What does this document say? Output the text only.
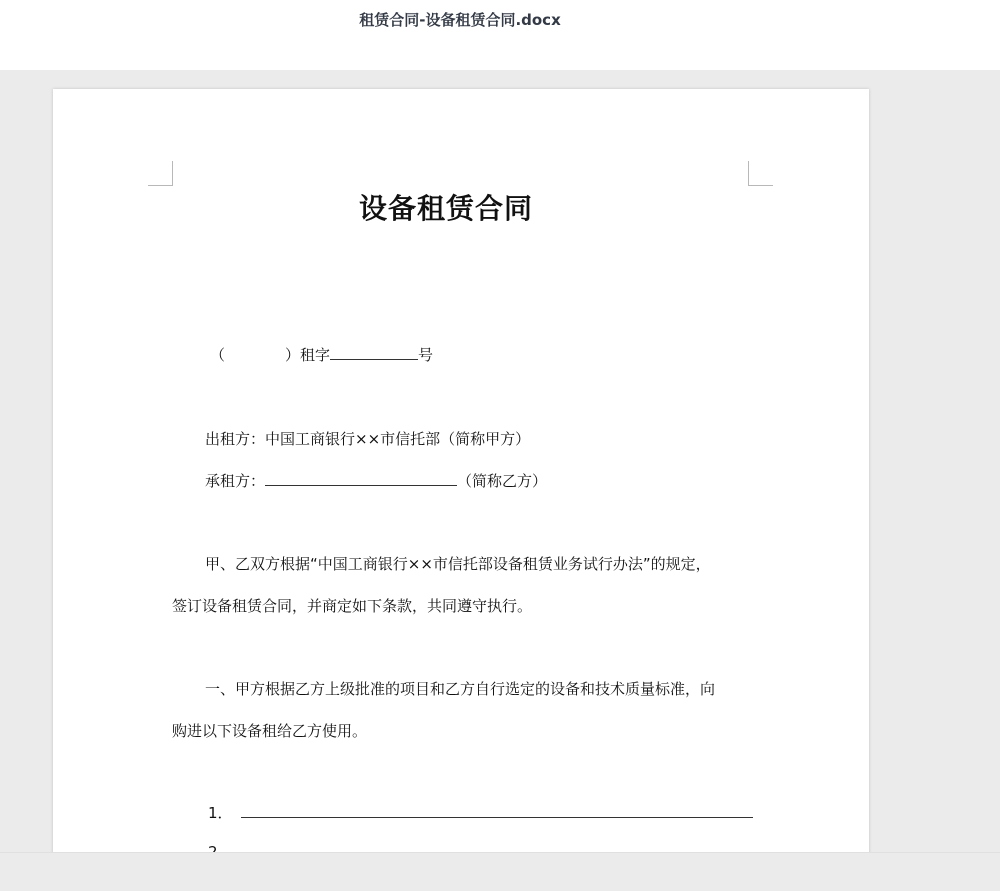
租赁合同-设备租赁合同.docx
设备租赁合同
（	）租字	号
出租方：中国工商银行××市信托部（简称甲方）
承租方：	（简称乙方）
甲、乙双方根据“中国工商银行××市信托部设备租赁业务试行办法”的规定，
签订设备租赁合同，并商定如下条款，共同遵守执行。
一、甲方根据乙方上级批准的项目和乙方自行选定的设备和技术质量标准，向
购进以下设备租给乙方使用。
1．
